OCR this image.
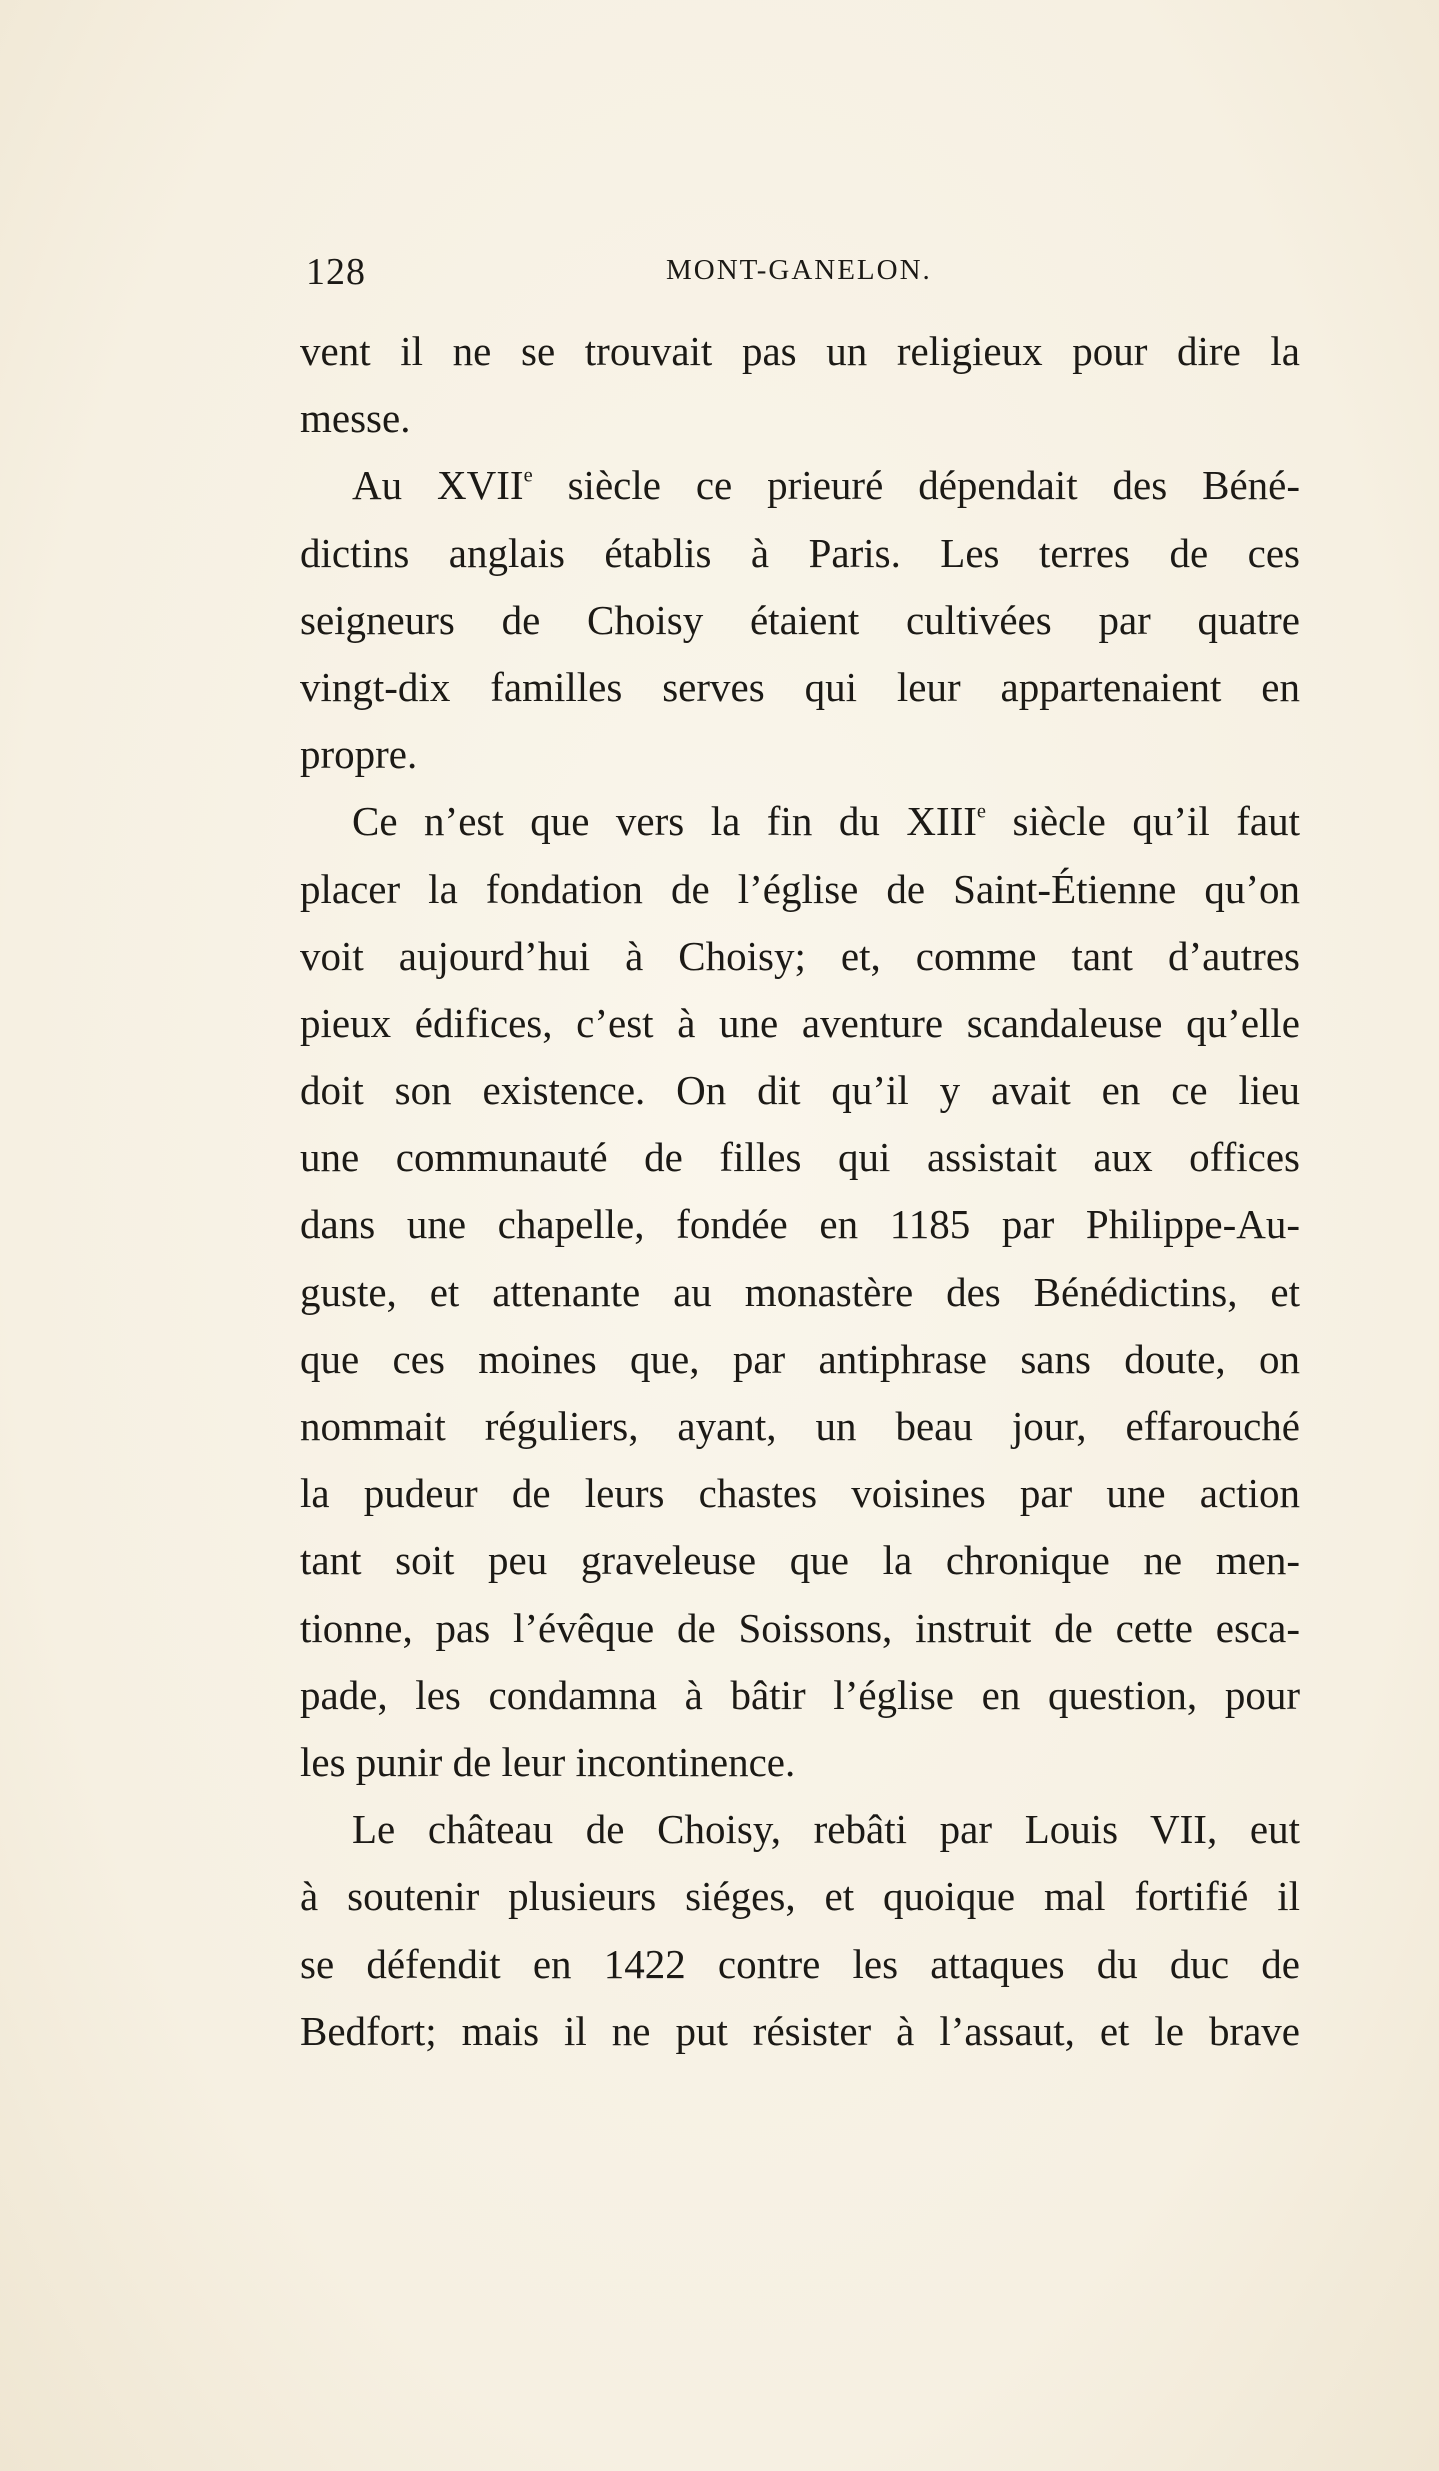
128	MONT-GANELON.
vent il ne se trouvait pas un religieux pour dire la
messe.
Au XVIIe siècle ce prieuré dépendait des Béné-
dictins anglais établis à Paris. Les terres de ces
seigneurs de Choisy étaient cultivées par quatre
vingt-dix familles serves qui leur appartenaient en
propre.
Ce n’est que vers la fin du XIIIe siècle qu’il faut
placer la fondation de l’église de Saint-Étienne qu’on
voit aujourd’hui à Choisy; et, comme tant d’autres
pieux édifices, c’est à une aventure scandaleuse qu’elle
doit son existence. On dit qu’il y avait en ce lieu
une communauté de filles qui assistait aux offices
dans une chapelle, fondée en 1185 par Philippe-Au-
guste, et attenante au monastère des Bénédictins, et
que ces moines que, par antiphrase sans doute, on
nommait réguliers, ayant, un beau jour, effarouché
la pudeur de leurs chastes voisines par une action
tant soit peu graveleuse que la chronique ne men-
tionne, pas l’évêque de Soissons, instruit de cette esca-
pade, les condamna à bâtir l’église en question, pour
les punir de leur incontinence.
Le château de Choisy, rebâti par Louis VII, eut
à soutenir plusieurs siéges, et quoique mal fortifié il
se défendit en 1422 contre les attaques du duc de
Bedfort; mais il ne put résister à l’assaut, et le brave
